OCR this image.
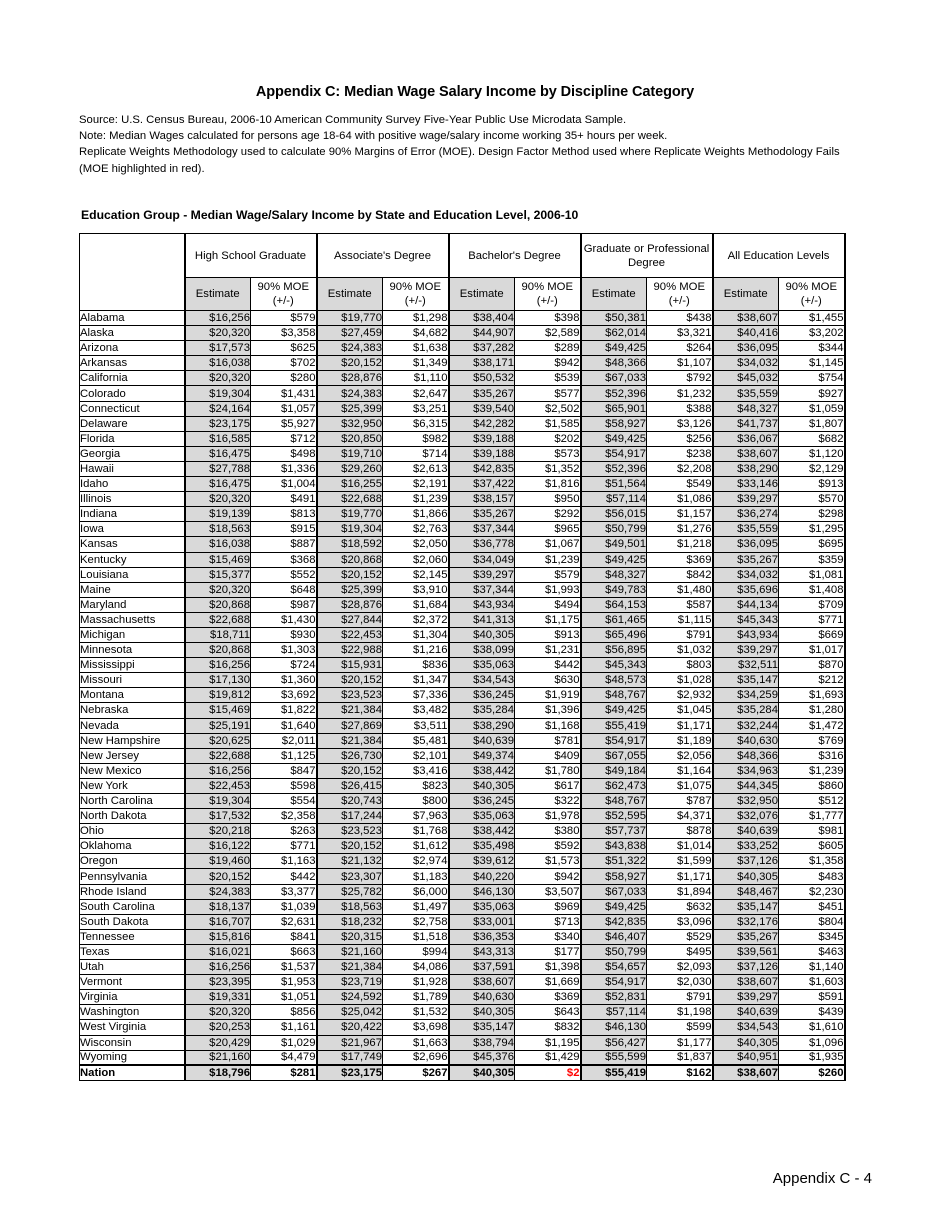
Appendix C: Median Wage Salary Income by Discipline Category
Source: U.S. Census Bureau, 2006-10 American Community Survey Five-Year Public Use Microdata Sample.
Note: Median Wages calculated for persons age 18-64 with positive wage/salary income working 35+ hours per week.
Replicate Weights Methodology used to calculate 90% Margins of Error (MOE). Design Factor Method used where Replicate Weights Methodology Fails (MOE highlighted in red).
Education Group - Median Wage/Salary Income by State and Education Level, 2006-10
	High School Graduate		Associate's Degree		Bachelor's Degree		Graduate or Professional Degree		All Education Levels	
	Estimate	90% MOE (+/-)	Estimate	90% MOE (+/-)	Estimate	90% MOE (+/-)	Estimate	90% MOE (+/-)	Estimate	90% MOE (+/-)
Alabama	$16,256	$579	$19,770	$1,298	$38,404	$398	$50,381	$438	$38,607	$1,455
Alaska	$20,320	$3,358	$27,459	$4,682	$44,907	$2,589	$62,014	$3,321	$40,416	$3,202
Arizona	$17,573	$625	$24,383	$1,638	$37,282	$289	$49,425	$264	$36,095	$344
Arkansas	$16,038	$702	$20,152	$1,349	$38,171	$942	$48,366	$1,107	$34,032	$1,145
California	$20,320	$280	$28,876	$1,110	$50,532	$539	$67,033	$792	$45,032	$754
Colorado	$19,304	$1,431	$24,383	$2,647	$35,267	$577	$52,396	$1,232	$35,559	$927
Connecticut	$24,164	$1,057	$25,399	$3,251	$39,540	$2,502	$65,901	$388	$48,327	$1,059
Delaware	$23,175	$5,927	$32,950	$6,315	$42,282	$1,585	$58,927	$3,126	$41,737	$1,807
Florida	$16,585	$712	$20,850	$982	$39,188	$202	$49,425	$256	$36,067	$682
Georgia	$16,475	$498	$19,710	$714	$39,188	$573	$54,917	$238	$38,607	$1,120
Hawaii	$27,788	$1,336	$29,260	$2,613	$42,835	$1,352	$52,396	$2,208	$38,290	$2,129
Idaho	$16,475	$1,004	$16,255	$2,191	$37,422	$1,816	$51,564	$549	$33,146	$913
Illinois	$20,320	$491	$22,688	$1,239	$38,157	$950	$57,114	$1,086	$39,297	$570
Indiana	$19,139	$813	$19,770	$1,866	$35,267	$292	$56,015	$1,157	$36,274	$298
Iowa	$18,563	$915	$19,304	$2,763	$37,344	$965	$50,799	$1,276	$35,559	$1,295
Kansas	$16,038	$887	$18,592	$2,050	$36,778	$1,067	$49,501	$1,218	$36,095	$695
Kentucky	$15,469	$368	$20,868	$2,060	$34,049	$1,239	$49,425	$369	$35,267	$359
Louisiana	$15,377	$552	$20,152	$2,145	$39,297	$579	$48,327	$842	$34,032	$1,081
Maine	$20,320	$648	$25,399	$3,910	$37,344	$1,993	$49,783	$1,480	$35,696	$1,408
Maryland	$20,868	$987	$28,876	$1,684	$43,934	$494	$64,153	$587	$44,134	$709
Massachusetts	$22,688	$1,430	$27,844	$2,372	$41,313	$1,175	$61,465	$1,115	$45,343	$771
Michigan	$18,711	$930	$22,453	$1,304	$40,305	$913	$65,496	$791	$43,934	$669
Minnesota	$20,868	$1,303	$22,988	$1,216	$38,099	$1,231	$56,895	$1,032	$39,297	$1,017
Mississippi	$16,256	$724	$15,931	$836	$35,063	$442	$45,343	$803	$32,511	$870
Missouri	$17,130	$1,360	$20,152	$1,347	$34,543	$630	$48,573	$1,028	$35,147	$212
Montana	$19,812	$3,692	$23,523	$7,336	$36,245	$1,919	$48,767	$2,932	$34,259	$1,693
Nebraska	$15,469	$1,822	$21,384	$3,482	$35,284	$1,396	$49,425	$1,045	$35,284	$1,280
Nevada	$25,191	$1,640	$27,869	$3,511	$38,290	$1,168	$55,419	$1,171	$32,244	$1,472
New Hampshire	$20,625	$2,011	$21,384	$5,481	$40,639	$781	$54,917	$1,189	$40,630	$769
New Jersey	$22,688	$1,125	$26,730	$2,101	$49,374	$409	$67,055	$2,056	$48,366	$316
New Mexico	$16,256	$847	$20,152	$3,416	$38,442	$1,780	$49,184	$1,164	$34,963	$1,239
New York	$22,453	$598	$26,415	$823	$40,305	$617	$62,473	$1,075	$44,345	$860
North Carolina	$19,304	$554	$20,743	$800	$36,245	$322	$48,767	$787	$32,950	$512
North Dakota	$17,532	$2,358	$17,244	$7,963	$35,063	$1,978	$52,595	$4,371	$32,076	$1,777
Ohio	$20,218	$263	$23,523	$1,768	$38,442	$380	$57,737	$878	$40,639	$981
Oklahoma	$16,122	$771	$20,152	$1,612	$35,498	$592	$43,838	$1,014	$33,252	$605
Oregon	$19,460	$1,163	$21,132	$2,974	$39,612	$1,573	$51,322	$1,599	$37,126	$1,358
Pennsylvania	$20,152	$442	$23,307	$1,183	$40,220	$942	$58,927	$1,171	$40,305	$483
Rhode Island	$24,383	$3,377	$25,782	$6,000	$46,130	$3,507	$67,033	$1,894	$48,467	$2,230
South Carolina	$18,137	$1,039	$18,563	$1,497	$35,063	$969	$49,425	$632	$35,147	$451
South Dakota	$16,707	$2,631	$18,232	$2,758	$33,001	$713	$42,835	$3,096	$32,176	$804
Tennessee	$15,816	$841	$20,315	$1,518	$36,353	$340	$46,407	$529	$35,267	$345
Texas	$16,021	$663	$21,160	$994	$43,313	$177	$50,799	$495	$39,561	$463
Utah	$16,256	$1,537	$21,384	$4,086	$37,591	$1,398	$54,657	$2,093	$37,126	$1,140
Vermont	$23,395	$1,953	$23,719	$1,928	$38,607	$1,669	$54,917	$2,030	$38,607	$1,603
Virginia	$19,331	$1,051	$24,592	$1,789	$40,630	$369	$52,831	$791	$39,297	$591
Washington	$20,320	$856	$25,042	$1,532	$40,305	$643	$57,114	$1,198	$40,639	$439
West Virginia	$20,253	$1,161	$20,422	$3,698	$35,147	$832	$46,130	$599	$34,543	$1,610
Wisconsin	$20,429	$1,029	$21,967	$1,663	$38,794	$1,195	$56,427	$1,177	$40,305	$1,096
Wyoming	$21,160	$4,479	$17,749	$2,696	$45,376	$1,429	$55,599	$1,837	$40,951	$1,935
Nation	$18,796	$281	$23,175	$267	$40,305	$2	$55,419	$162	$38,607	$260
Appendix C - 4
